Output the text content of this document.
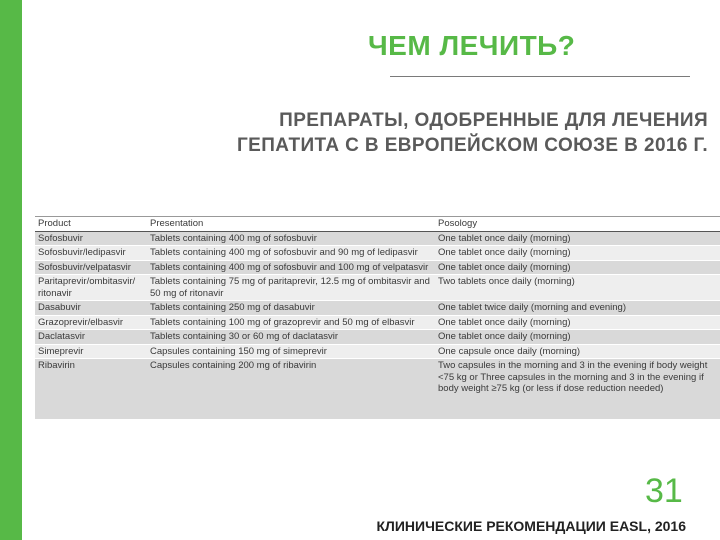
ЧЕМ ЛЕЧИТЬ?
ПРЕПАРАТЫ, ОДОБРЕННЫЕ ДЛЯ ЛЕЧЕНИЯ
ГЕПАТИТА С В ЕВРОПЕЙСКОМ СОЮЗЕ В 2016 Г.
Product	Presentation	Posology
Sofosbuvir	Tablets containing 400 mg of sofosbuvir	One tablet once daily (morning)
Sofosbuvir/ledipasvir	Tablets containing 400 mg of sofosbuvir and 90 mg of ledipasvir	One tablet once daily (morning)
Sofosbuvir/velpatasvir	Tablets containing 400 mg of sofosbuvir and 100 mg of velpatasvir	One tablet once daily (morning)
Paritaprevir/ombitasvir/ ritonavir	Tablets containing 75 mg of paritaprevir, 12.5 mg of ombitasvir and 50 mg of ritonavir	Two tablets once daily (morning)
Dasabuvir	Tablets containing 250 mg of dasabuvir	One tablet twice daily (morning and evening)
Grazoprevir/elbasvir	Tablets containing 100 mg of grazoprevir and 50 mg of elbasvir	One tablet once daily (morning)
Daclatasvir	Tablets containing 30 or 60 mg of daclatasvir	One tablet once daily (morning)
Simeprevir	Capsules containing 150 mg of simeprevir	One capsule once daily (morning)
Ribavirin	Capsules containing 200 mg of ribavirin	Two capsules in the morning and 3 in the evening if body weight <75 kg or Three capsules in the morning and 3 in the evening if body weight ≥75 kg (or less if dose reduction needed)
31
КЛИНИЧЕСКИЕ РЕКОМЕНДАЦИИ EASL, 2016
